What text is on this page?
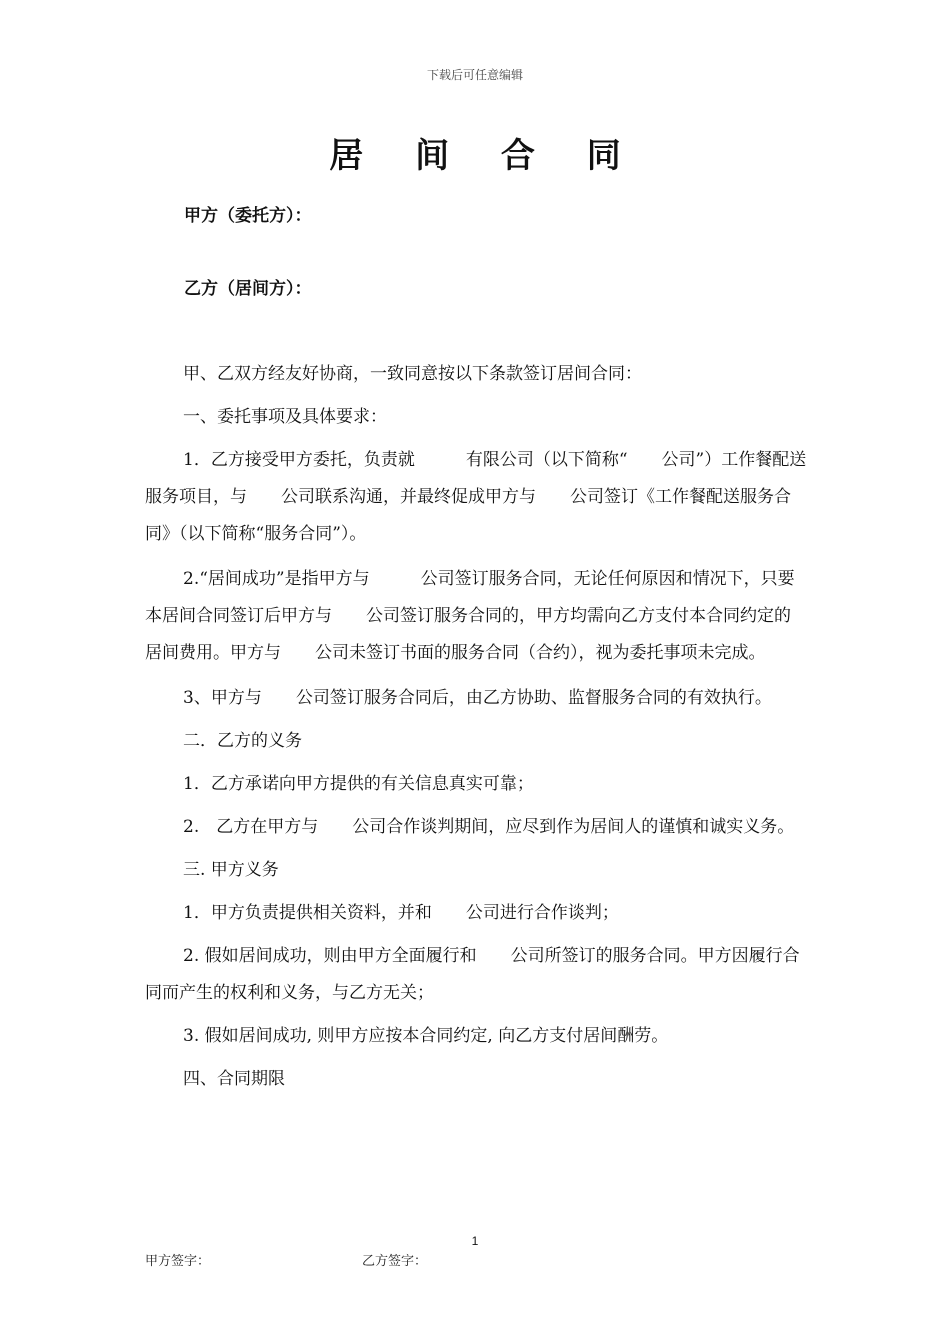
下载后可任意编辑
居 间 合 同

甲方（委托方）：

乙方（居间方）：

甲、乙双方经友好协商，一致同意按以下条款签订居间合同：

一、委托事项及具体要求：

1．乙方接受甲方委托，负责就　　　有限公司（以下简称“　　公司”）工作餐配送服务项目，与　　公司联系沟通，并最终促成甲方与　　公司签订《工作餐配送服务合同》（以下简称“服务合同”）。

2.“居间成功”是指甲方与　　　公司签订服务合同，无论任何原因和情况下，只要本居间合同签订后甲方与　　公司签订服务合同的，甲方均需向乙方支付本合同约定的居间费用。甲方与　　公司未签订书面的服务合同（合约），视为委托事项未完成。

3、甲方与　　公司签订服务合同后，由乙方协助、监督服务合同的有效执行。

二．乙方的义务

1．乙方承诺向甲方提供的有关信息真实可靠；

2.　乙方在甲方与　　公司合作谈判期间，应尽到作为居间人的谨慎和诚实义务。

三. 甲方义务

1．甲方负责提供相关资料，并和　　公司进行合作谈判；

2. 假如居间成功，则由甲方全面履行和　　公司所签订的服务合同。甲方因履行合同而产生的权利和义务，与乙方无关；

3. 假如居间成功, 则甲方应按本合同约定, 向乙方支付居间酬劳。

四、合同期限

1
甲方签字：	乙方签字：
